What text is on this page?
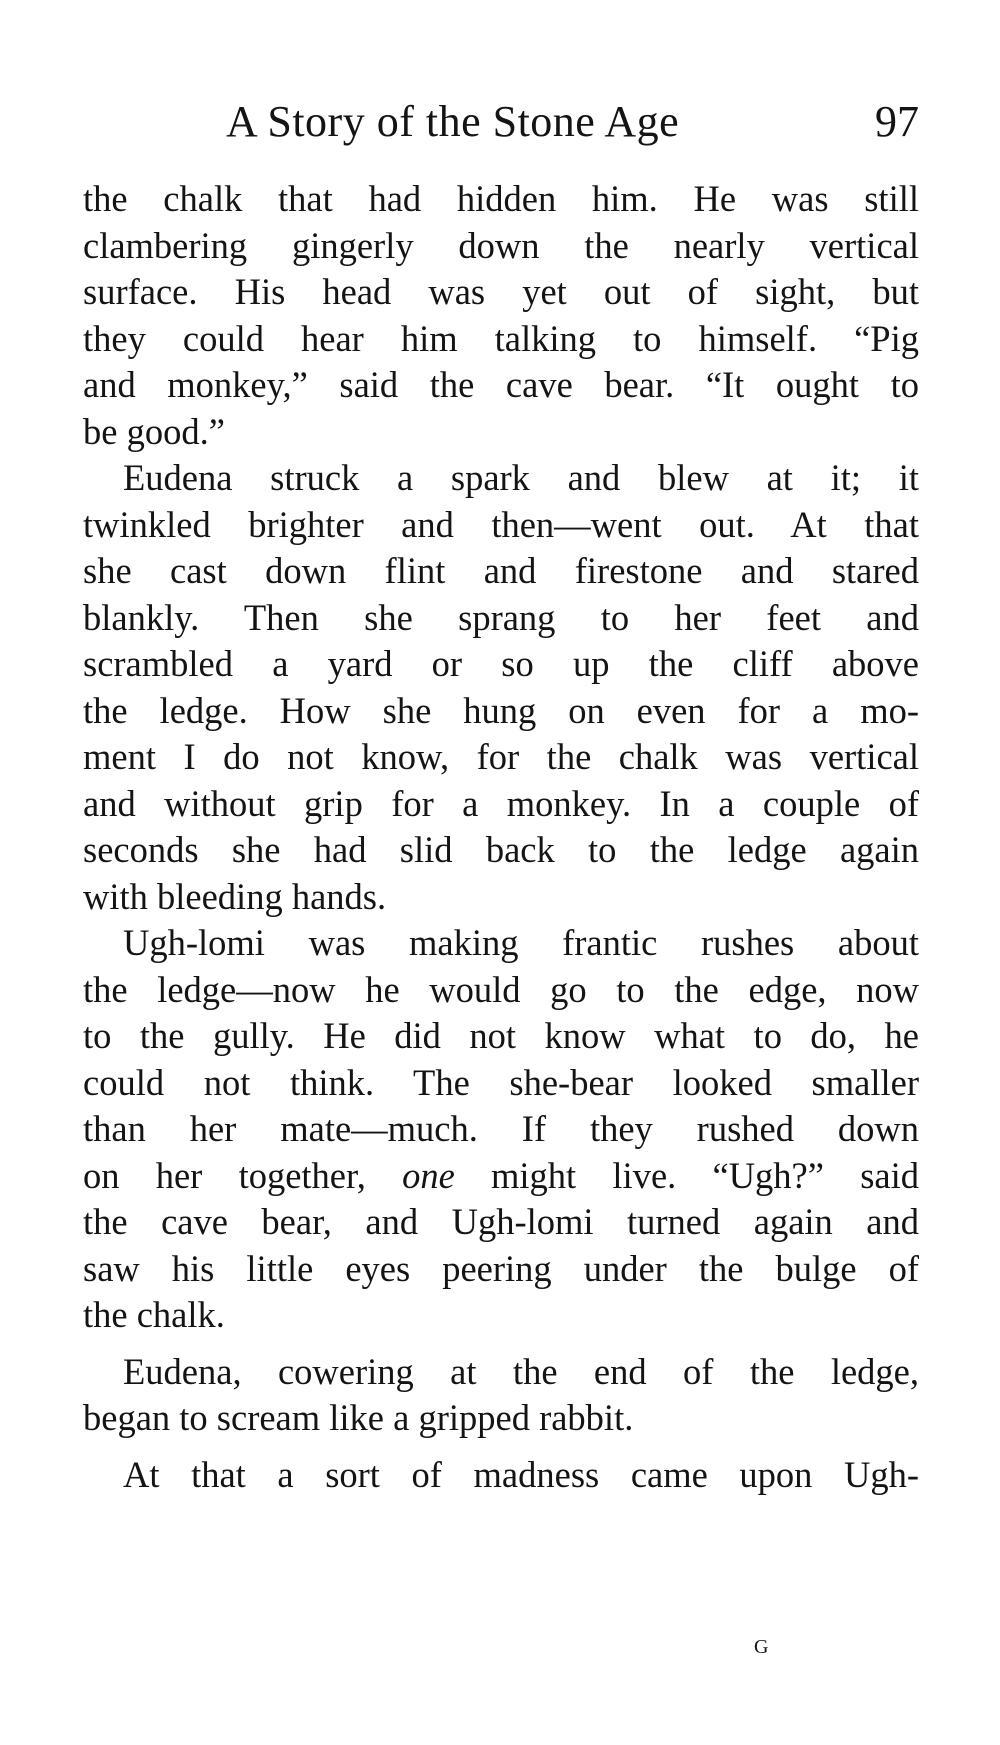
A Story of the Stone Age	97
the chalk that had hidden him. He was still
clambering gingerly down the nearly vertical
surface. His head was yet out of sight, but
they could hear him talking to himself. “Pig
and monkey,” said the cave bear. “It ought to
be good.”
Eudena struck a spark and blew at it; it
twinkled brighter and then—went out. At that
she cast down flint and firestone and stared
blankly. Then she sprang to her feet and
scrambled a yard or so up the cliff above
the ledge. How she hung on even for a mo-
ment I do not know, for the chalk was vertical
and without grip for a monkey. In a couple of
seconds she had slid back to the ledge again
with bleeding hands.
Ugh-lomi was making frantic rushes about
the ledge—now he would go to the edge, now
to the gully. He did not know what to do, he
could not think. The she-bear looked smaller
than her mate—much. If they rushed down
on her together, one might live. “Ugh?” said
the cave bear, and Ugh-lomi turned again and
saw his little eyes peering under the bulge of
the chalk.
Eudena, cowering at the end of the ledge,
began to scream like a gripped rabbit.
At that a sort of madness came upon Ugh-
G
